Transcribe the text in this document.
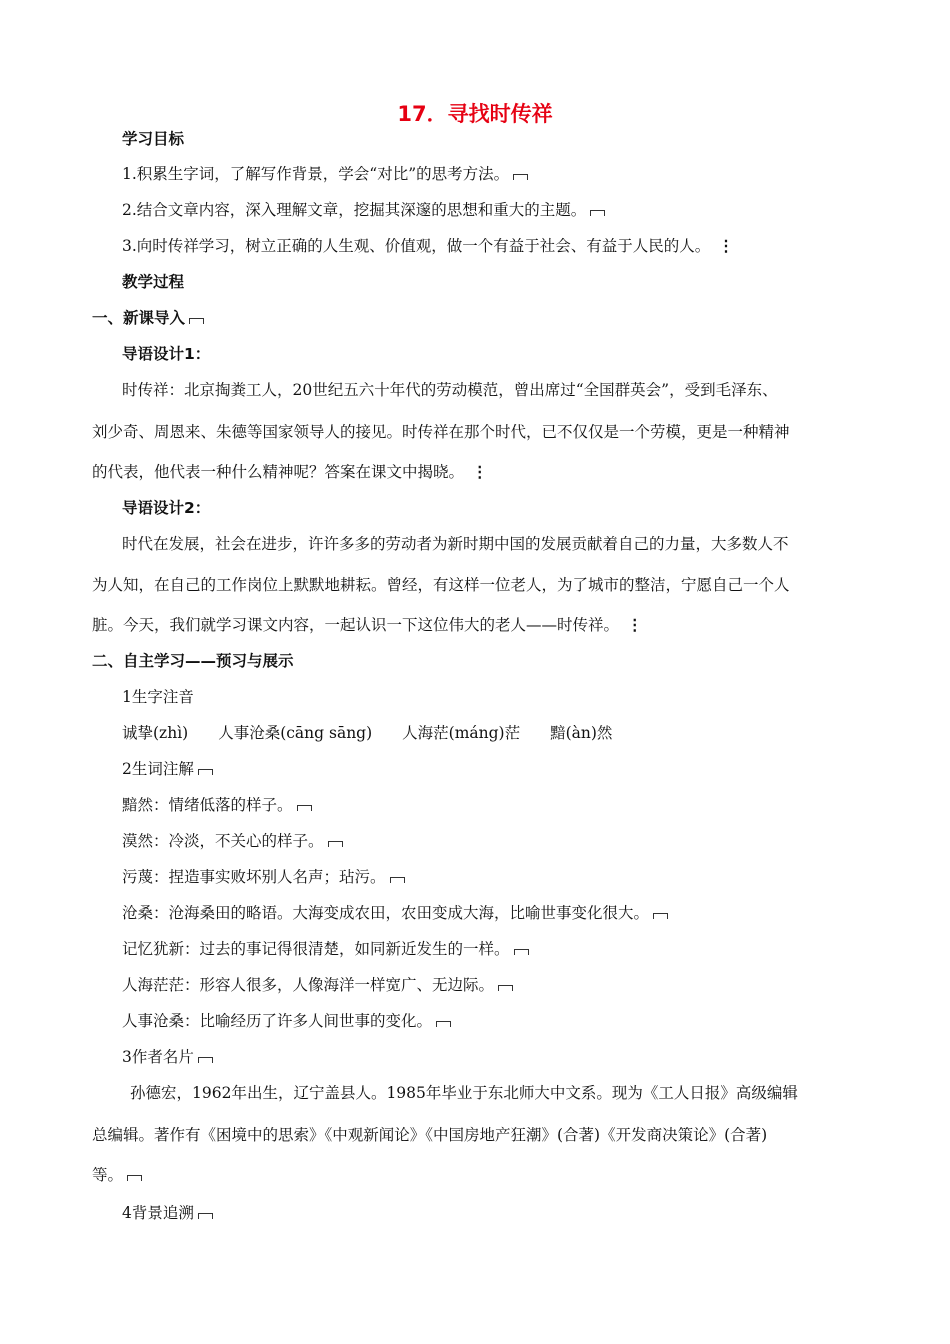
17．寻找时传祥
学习目标
1.积累生字词，了解写作背景，学会“对比”的思考方法。
2.结合文章内容，深入理解文章，挖掘其深邃的思想和重大的主题。
3.向时传祥学习，树立正确的人生观、价值观，做一个有益于社会、有益于人民的人。 ⋮
教学过程
一、新课导入
导语设计1：
时传祥：北京掏粪工人，20世纪五六十年代的劳动模范，曾出席过“全国群英会”，受到毛泽东、
刘少奇、周恩来、朱德等国家领导人的接见。时传祥在那个时代，已不仅仅是一个劳模，更是一种精神
的代表，他代表一种什么精神呢？答案在课文中揭晓。 ⋮
导语设计2：
时代在发展，社会在进步，许许多多的劳动者为新时期中国的发展贡献着自己的力量，大多数人不
为人知，在自己的工作岗位上默默地耕耘。曾经，有这样一位老人，为了城市的整洁，宁愿自己一个人
脏。今天，我们就学习课文内容，一起认识一下这位伟大的老人——时传祥。 ⋮
二、自主学习——预习与展示
1生字注音
诚挚(zhì) 人事沧桑(cāng sāng) 人海茫(máng)茫 黯(àn)然
2生词注解
黯然：情绪低落的样子。
漠然：冷淡，不关心的样子。
污蔑：捏造事实败坏别人名声；玷污。
沧桑：沧海桑田的略语。大海变成农田，农田变成大海，比喻世事变化很大。
记忆犹新：过去的事记得很清楚，如同新近发生的一样。
人海茫茫：形容人很多，人像海洋一样宽广、无边际。
人事沧桑：比喻经历了许多人间世事的变化。
3作者名片
孙德宏，1962年出生，辽宁盖县人。1985年毕业于东北师大中文系。现为《工人日报》高级编辑
总编辑。著作有《困境中的思索》《中观新闻论》《中国房地产狂潮》(合著)《开发商决策论》(合著)
等。
4背景追溯
